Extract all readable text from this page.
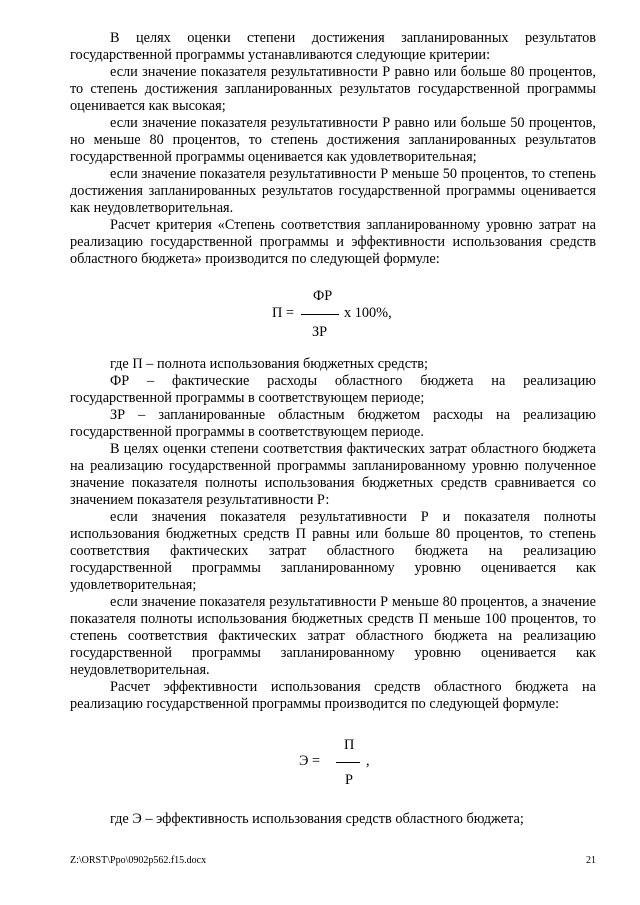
В целях оценки степени достижения запланированных результатов государственной программы устанавливаются следующие критерии:

если значение показателя результативности Р равно или больше 80 процентов, то степень достижения запланированных результатов государственной программы оценивается как высокая;

если значение показателя результативности Р равно или больше 50 процентов, но меньше 80 процентов, то степень достижения запланированных результатов государственной программы оценивается как удовлетворительная;

если значение показателя результативности Р меньше 50 процентов, то степень достижения запланированных результатов государственной программы оценивается как неудовлетворительная.

Расчет критерия «Степень соответствия запланированному уровню затрат на реализацию государственной программы и эффективности использования средств областного бюджета» производится по следующей формуле:

ФР
П =	х 100%,
ЗР

где П – полнота использования бюджетных средств;

ФР – фактические расходы областного бюджета на реализацию государственной программы в соответствующем периоде;

ЗР – запланированные областным бюджетом расходы на реализацию государственной программы в соответствующем периоде.

В целях оценки степени соответствия фактических затрат областного бюджета на реализацию государственной программы запланированному уровню полученное значение показателя полноты использования бюджетных средств сравнивается со значением показателя результативности Р:

если значения показателя результативности Р и показателя полноты использования бюджетных средств П равны или больше 80 процентов, то степень соответствия фактических затрат областного бюджета на реализацию государственной программы запланированному уровню оценивается как удовлетворительная;

если значение показателя результативности Р меньше 80 процентов, а значение показателя полноты использования бюджетных средств П меньше 100 процентов, то степень соответствия фактических затрат областного бюджета на реализацию государственной программы запланированному уровню оценивается как неудовлетворительная.

Расчет эффективности использования средств областного бюджета на реализацию государственной программы производится по следующей формуле:

П
Э =	,
Р

где Э – эффективность использования средств областного бюджета;

Z:\ORST\Ppo\0902p562.f15.docx	21
